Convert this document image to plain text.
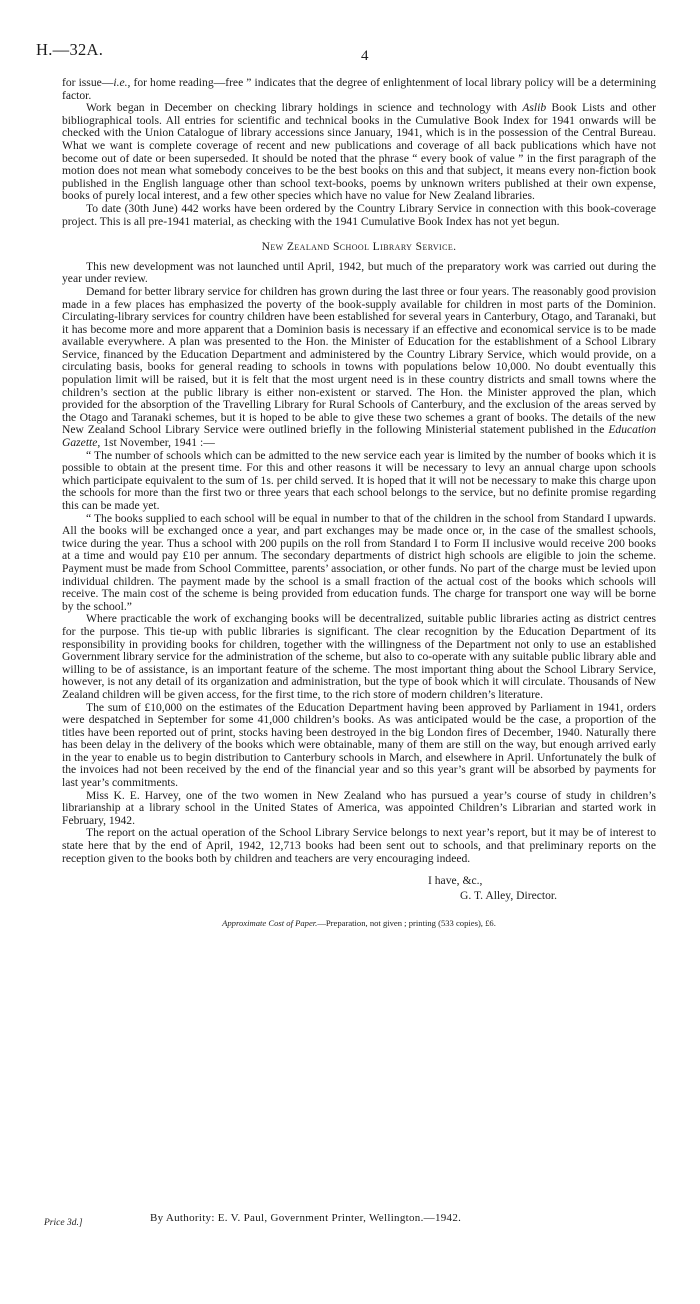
H.—32A.	4

for issue—i.e., for home reading—free ” indicates that the degree of enlightenment of local library policy will be a determining factor.

Work began in December on checking library holdings in science and technology with Aslib Book Lists and other bibliographical tools. All entries for scientific and technical books in the Cumulative Book Index for 1941 onwards will be checked with the Union Catalogue of library accessions since January, 1941, which is in the possession of the Central Bureau. What we want is complete coverage of recent and new publications and coverage of all back publications which have not become out of date or been superseded. It should be noted that the phrase “ every book of value ” in the first paragraph of the motion does not mean what somebody conceives to be the best books on this and that subject, it means every non-fiction book published in the English language other than school text-books, poems by unknown writers published at their own expense, books of purely local interest, and a few other species which have no value for New Zealand libraries.

To date (30th June) 442 works have been ordered by the Country Library Service in connection with this book-coverage project. This is all pre-1941 material, as checking with the 1941 Cumulative Book Index has not yet begun.

New Zealand School Library Service.

This new development was not launched until April, 1942, but much of the preparatory work was carried out during the year under review.

Demand for better library service for children has grown during the last three or four years. The reasonably good provision made in a few places has emphasized the poverty of the book-supply available for children in most parts of the Dominion. Circulating-library services for country children have been established for several years in Canterbury, Otago, and Taranaki, but it has become more and more apparent that a Dominion basis is necessary if an effective and economical service is to be made available everywhere. A plan was presented to the Hon. the Minister of Education for the establishment of a School Library Service, financed by the Education Department and administered by the Country Library Service, which would provide, on a circulating basis, books for general reading to schools in towns with populations below 10,000. No doubt eventually this population limit will be raised, but it is felt that the most urgent need is in these country districts and small towns where the children’s section at the public library is either non-existent or starved. The Hon. the Minister approved the plan, which provided for the absorption of the Travelling Library for Rural Schools of Canterbury, and the exclusion of the areas served by the Otago and Taranaki schemes, but it is hoped to be able to give these two schemes a grant of books. The details of the new New Zealand School Library Service were outlined briefly in the following Ministerial statement published in the Education Gazette, 1st November, 1941 :—

“ The number of schools which can be admitted to the new service each year is limited by the number of books which it is possible to obtain at the present time. For this and other reasons it will be necessary to levy an annual charge upon schools which participate equivalent to the sum of 1s. per child served. It is hoped that it will not be necessary to make this charge upon the schools for more than the first two or three years that each school belongs to the service, but no definite promise regarding this can be made yet.

“ The books supplied to each school will be equal in number to that of the children in the school from Standard I upwards. All the books will be exchanged once a year, and part exchanges may be made once or, in the case of the smallest schools, twice during the year. Thus a school with 200 pupils on the roll from Standard I to Form II inclusive would receive 200 books at a time and would pay £10 per annum. The secondary departments of district high schools are eligible to join the scheme. Payment must be made from School Committee, parents’ association, or other funds. No part of the charge must be levied upon individual children. The payment made by the school is a small fraction of the actual cost of the books which schools will receive. The main cost of the scheme is being provided from education funds. The charge for transport one way will be borne by the school.”

Where practicable the work of exchanging books will be decentralized, suitable public libraries acting as district centres for the purpose. This tie-up with public libraries is significant. The clear recognition by the Education Department of its responsibility in providing books for children, together with the willingness of the Department not only to use an established Government library service for the administration of the scheme, but also to co-operate with any suitable public library able and willing to be of assistance, is an important feature of the scheme. The most important thing about the School Library Service, however, is not any detail of its organization and administration, but the type of book which it will circulate. Thousands of New Zealand children will be given access, for the first time, to the rich store of modern children’s literature.

The sum of £10,000 on the estimates of the Education Department having been approved by Parliament in 1941, orders were despatched in September for some 41,000 children’s books. As was anticipated would be the case, a proportion of the titles have been reported out of print, stocks having been destroyed in the big London fires of December, 1940. Naturally there has been delay in the delivery of the books which were obtainable, many of them are still on the way, but enough arrived early in the year to enable us to begin distribution to Canterbury schools in March, and elsewhere in April. Unfortunately the bulk of the invoices had not been received by the end of the financial year and so this year’s grant will be absorbed by payments for last year’s commitments.

Miss K. E. Harvey, one of the two women in New Zealand who has pursued a year’s course of study in children’s librarianship at a library school in the United States of America, was appointed Children’s Librarian and started work in February, 1942.

The report on the actual operation of the School Library Service belongs to next year’s report, but it may be of interest to state here that by the end of April, 1942, 12,713 books had been sent out to schools, and that preliminary reports on the reception given to the books both by children and teachers are very encouraging indeed.

I have, &c.,
G. T. Alley, Director.
Approximate Cost of Paper.—Preparation, not given ; printing (533 copies), £6.
Price 3d.]	By Authority: E. V. Paul, Government Printer, Wellington.—1942.
